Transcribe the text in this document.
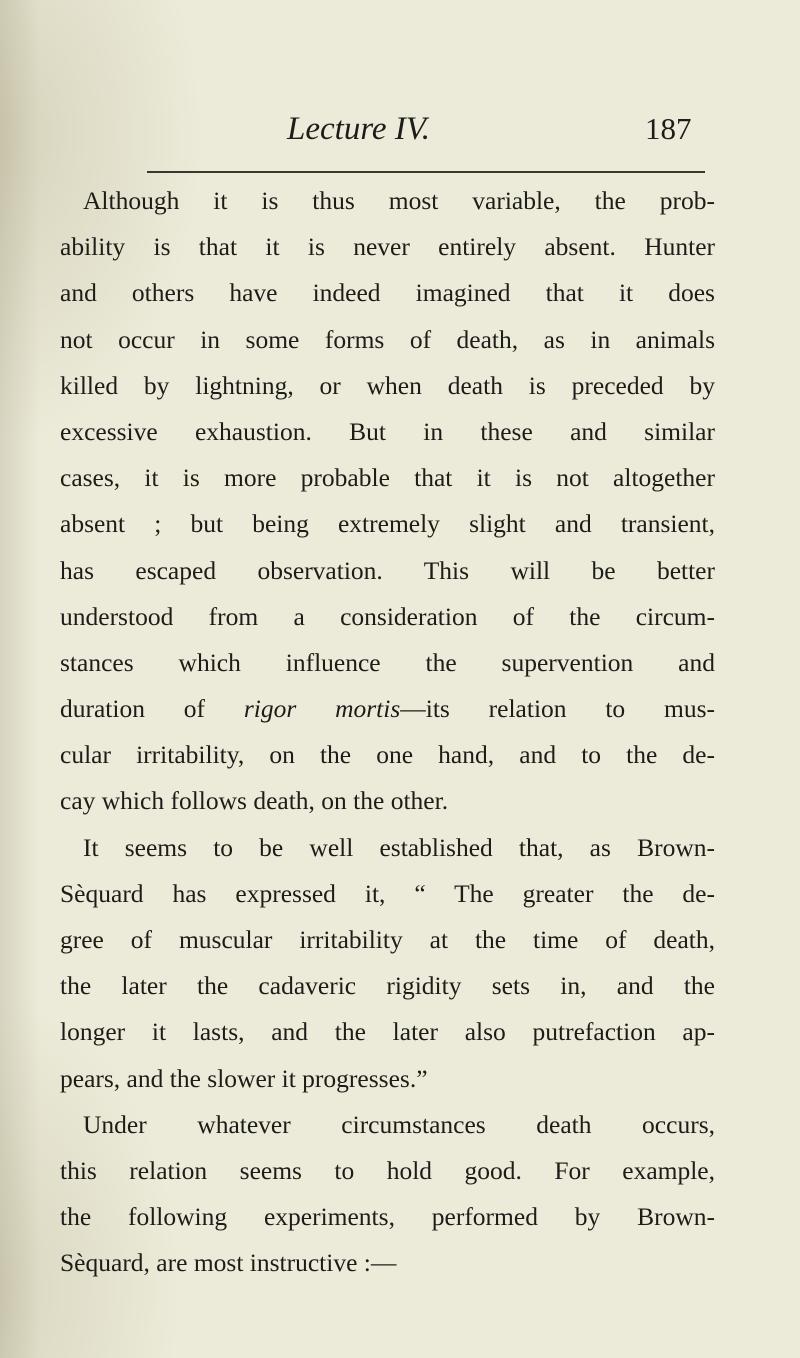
Lecture IV.	187
Although it is thus most variable, the prob-
ability is that it is never entirely absent. Hunter
and others have indeed imagined that it does
not occur in some forms of death, as in animals
killed by lightning, or when death is preceded by
excessive exhaustion. But in these and similar
cases, it is more probable that it is not altogether
absent ; but being extremely slight and transient,
has escaped observation. This will be better
understood from a consideration of the circum-
stances which influence the supervention and
duration of rigor mortis—its relation to mus-
cular irritability, on the one hand, and to the de-
cay which follows death, on the other.
It seems to be well established that, as Brown-
Sèquard has expressed it, “ The greater the de-
gree of muscular irritability at the time of death,
the later the cadaveric rigidity sets in, and the
longer it lasts, and the later also putrefaction ap-
pears, and the slower it progresses.”
Under whatever circumstances death occurs,
this relation seems to hold good. For example,
the following experiments, performed by Brown-
Sèquard, are most instructive :—
